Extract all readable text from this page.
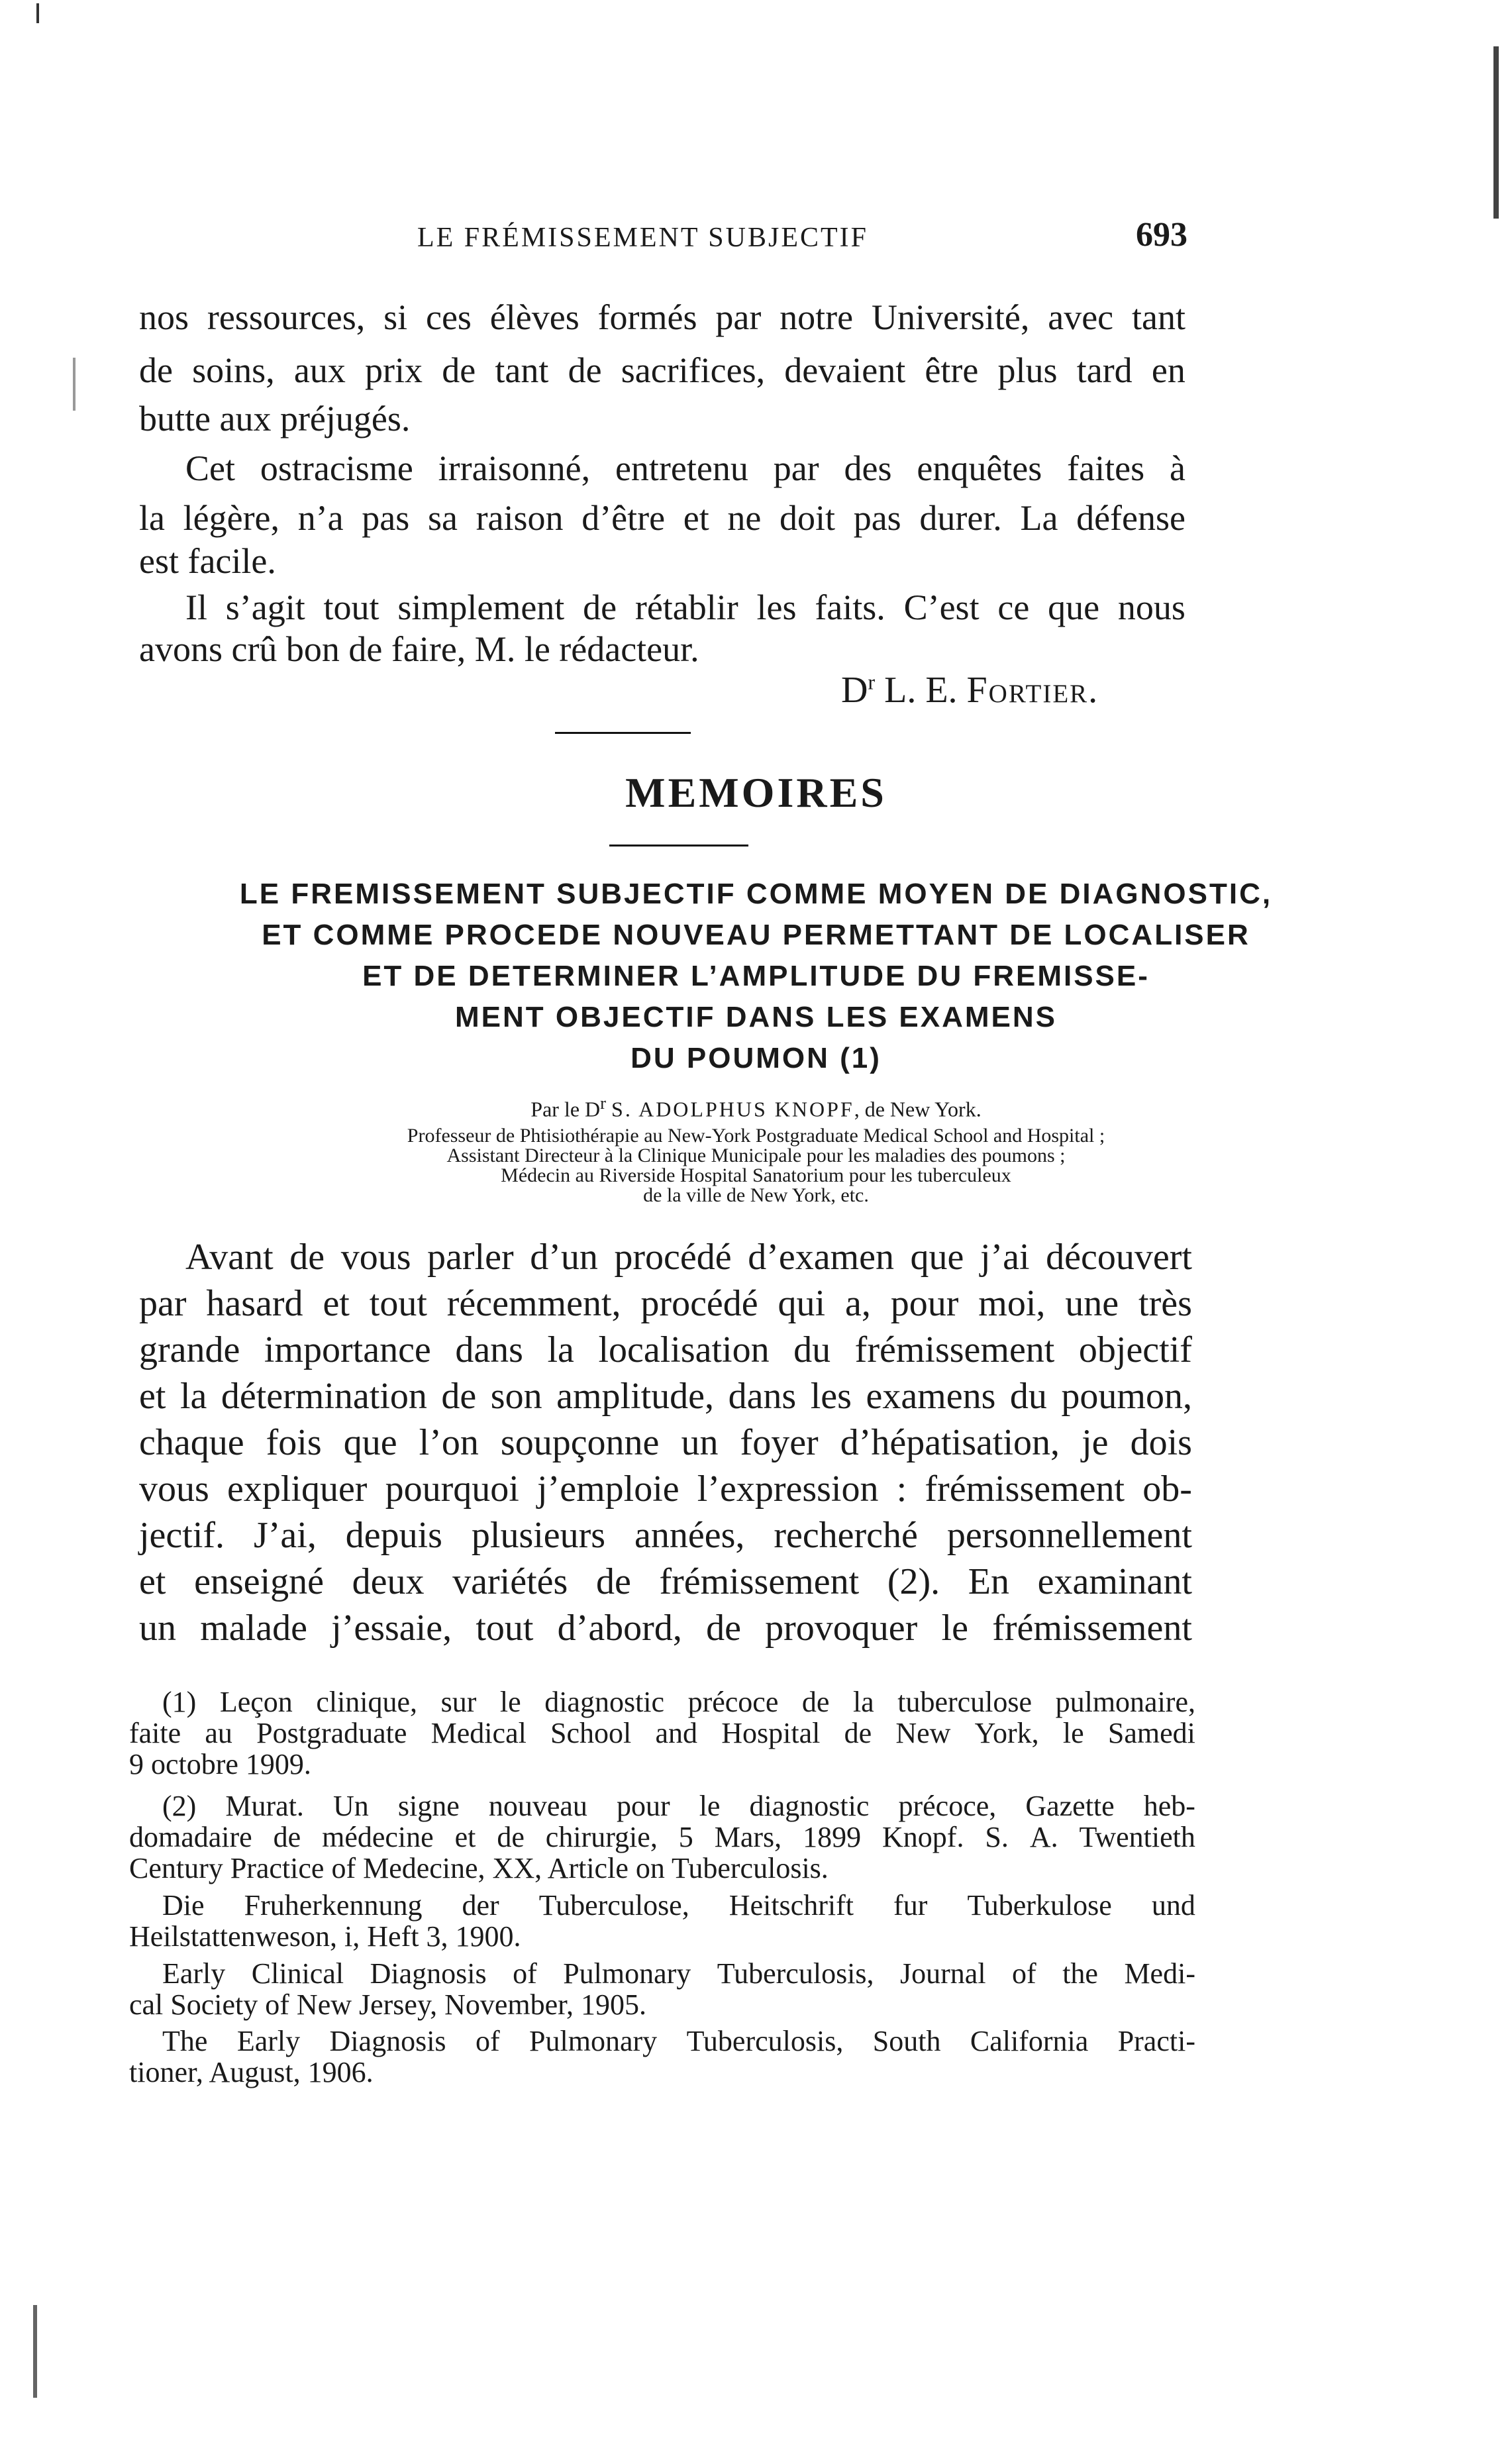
LE FRÉMISSEMENT SUBJECTIF	693
nos ressources, si ces élèves formés par notre Université, avec tant
de soins, aux prix de tant de sacrifices, devaient être plus tard en
butte aux préjugés.
Cet ostracisme irraisonné, entretenu par des enquêtes faites à
la légère, n’a pas sa raison d’être et ne doit pas durer. La défense
est facile.
Il s’agit tout simplement de rétablir les faits. C’est ce que nous
avons crû bon de faire, M. le rédacteur.
$D^r$ L. E. Fortier.
MEMOIRES
LE FREMISSEMENT SUBJECTIF COMME MOYEN DE DIAGNOSTIC,
ET COMME PROCEDE NOUVEAU PERMETTANT DE LOCALISER
ET DE DETERMINER L’AMPLITUDE DU FREMISSE-
MENT OBJECTIF DANS LES EXAMENS
DU POUMON (1)
Par le $D^r$ S. ADOLPHUS KNOPF, de New York.
Professeur de Phtisiothérapie au New-York Postgraduate Medical School and Hospital ;
Assistant Directeur à la Clinique Municipale pour les maladies des poumons ;
Médecin au Riverside Hospital Sanatorium pour les tuberculeux
de la ville de New York, etc.
Avant de vous parler d’un procédé d’examen que j’ai découvert
par hasard et tout récemment, procédé qui a, pour moi, une très
grande importance dans la localisation du frémissement objectif
et la détermination de son amplitude, dans les examens du poumon,
chaque fois que l’on soupçonne un foyer d’hépatisation, je dois
vous expliquer pourquoi j’emploie l’expression : frémissement ob-
jectif. J’ai, depuis plusieurs années, recherché personnellement
et enseigné deux variétés de frémissement (2). En examinant
un malade j’essaie, tout d’abord, de provoquer le frémissement
(1) Leçon clinique, sur le diagnostic précoce de la tuberculose pulmonaire,
faite au Postgraduate Medical School and Hospital de New York, le Samedi
9 octobre 1909.
(2) Murat. Un signe nouveau pour le diagnostic précoce, Gazette heb-
domadaire de médecine et de chirurgie, 5 Mars, 1899 Knopf. S. A. Twentieth
Century Practice of Medecine, XX, Article on Tuberculosis.
Die Fruherkennung der Tuberculose, Heitschrift fur Tuberkulose und
Heilstattenweson, i, Heft 3, 1900.
Early Clinical Diagnosis of Pulmonary Tuberculosis, Journal of the Medi-
cal Society of New Jersey, November, 1905.
The Early Diagnosis of Pulmonary Tuberculosis, South California Practi-
tioner, August, 1906.
